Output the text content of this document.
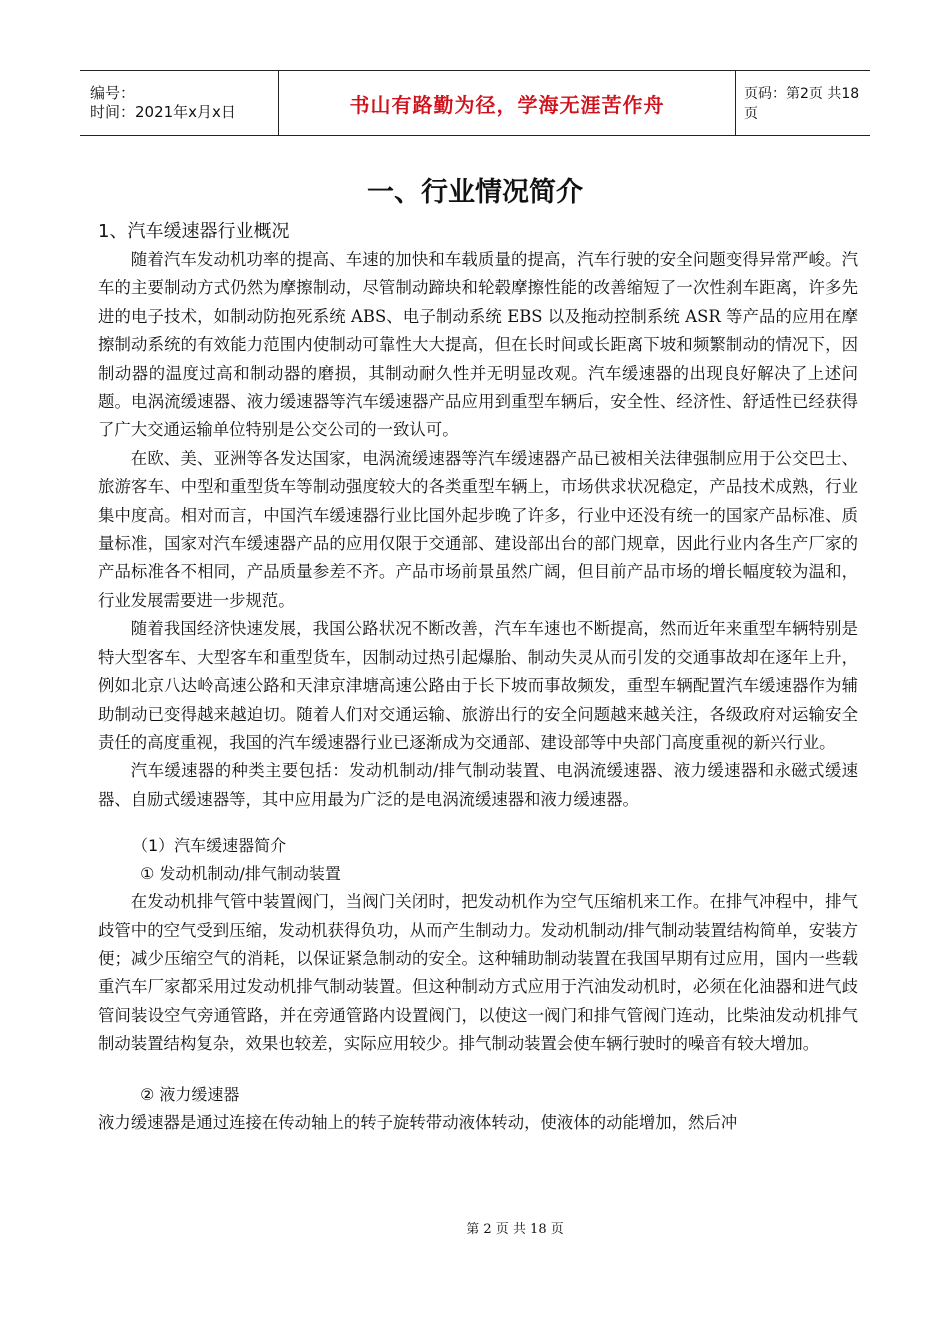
编号：
时间：2021年x月x日	书山有路勤为径，学海无涯苦作舟	页码：第2页 共18页
一、行业情况简介
1、汽车缓速器行业概况

随着汽车发动机功率的提高、车速的加快和车载质量的提高，汽车行驶的安全问题变得异常严峻。汽车的主要制动方式仍然为摩擦制动，尽管制动蹄块和轮毂摩擦性能的改善缩短了一次性刹车距离，许多先进的电子技术，如制动防抱死系统 ABS、电子制动系统 EBS 以及拖动控制系统 ASR 等产品的应用在摩擦制动系统的有效能力范围内使制动可靠性大大提高，但在长时间或长距离下坡和频繁制动的情况下，因制动器的温度过高和制动器的磨损，其制动耐久性并无明显改观。汽车缓速器的出现良好解决了上述问题。电涡流缓速器、液力缓速器等汽车缓速器产品应用到重型车辆后，安全性、经济性、舒适性已经获得了广大交通运输单位特别是公交公司的一致认可。

在欧、美、亚洲等各发达国家，电涡流缓速器等汽车缓速器产品已被相关法律强制应用于公交巴士、旅游客车、中型和重型货车等制动强度较大的各类重型车辆上，市场供求状况稳定，产品技术成熟，行业集中度高。相对而言，中国汽车缓速器行业比国外起步晚了许多，行业中还没有统一的国家产品标准、质量标准，国家对汽车缓速器产品的应用仅限于交通部、建设部出台的部门规章，因此行业内各生产厂家的产品标准各不相同，产品质量参差不齐。产品市场前景虽然广阔，但目前产品市场的增长幅度较为温和，行业发展需要进一步规范。

随着我国经济快速发展，我国公路状况不断改善，汽车车速也不断提高，然而近年来重型车辆特别是特大型客车、大型客车和重型货车，因制动过热引起爆胎、制动失灵从而引发的交通事故却在逐年上升，例如北京八达岭高速公路和天津京津塘高速公路由于长下坡而事故频发，重型车辆配置汽车缓速器作为辅助制动已变得越来越迫切。随着人们对交通运输、旅游出行的安全问题越来越关注，各级政府对运输安全责任的高度重视，我国的汽车缓速器行业已逐渐成为交通部、建设部等中央部门高度重视的新兴行业。

汽车缓速器的种类主要包括：发动机制动/排气制动装置、电涡流缓速器、液力缓速器和永磁式缓速器、自励式缓速器等，其中应用最为广泛的是电涡流缓速器和液力缓速器。

（1）汽车缓速器简介
① 发动机制动/排气制动装置

在发动机排气管中装置阀门，当阀门关闭时，把发动机作为空气压缩机来工作。在排气冲程中，排气歧管中的空气受到压缩，发动机获得负功，从而产生制动力。发动机制动/排气制动装置结构简单，安装方便；减少压缩空气的消耗，以保证紧急制动的安全。这种辅助制动装置在我国早期有过应用，国内一些载重汽车厂家都采用过发动机排气制动装置。但这种制动方式应用于汽油发动机时，必须在化油器和进气歧管间装设空气旁通管路，并在旁通管路内设置阀门，以使这一阀门和排气管阀门连动，比柴油发动机排气制动装置结构复杂，效果也较差，实际应用较少。排气制动装置会使车辆行驶时的噪音有较大增加。

② 液力缓速器

液力缓速器是通过连接在传动轴上的转子旋转带动液体转动，使液体的动能增加，然后冲

第 2 页 共 18 页
